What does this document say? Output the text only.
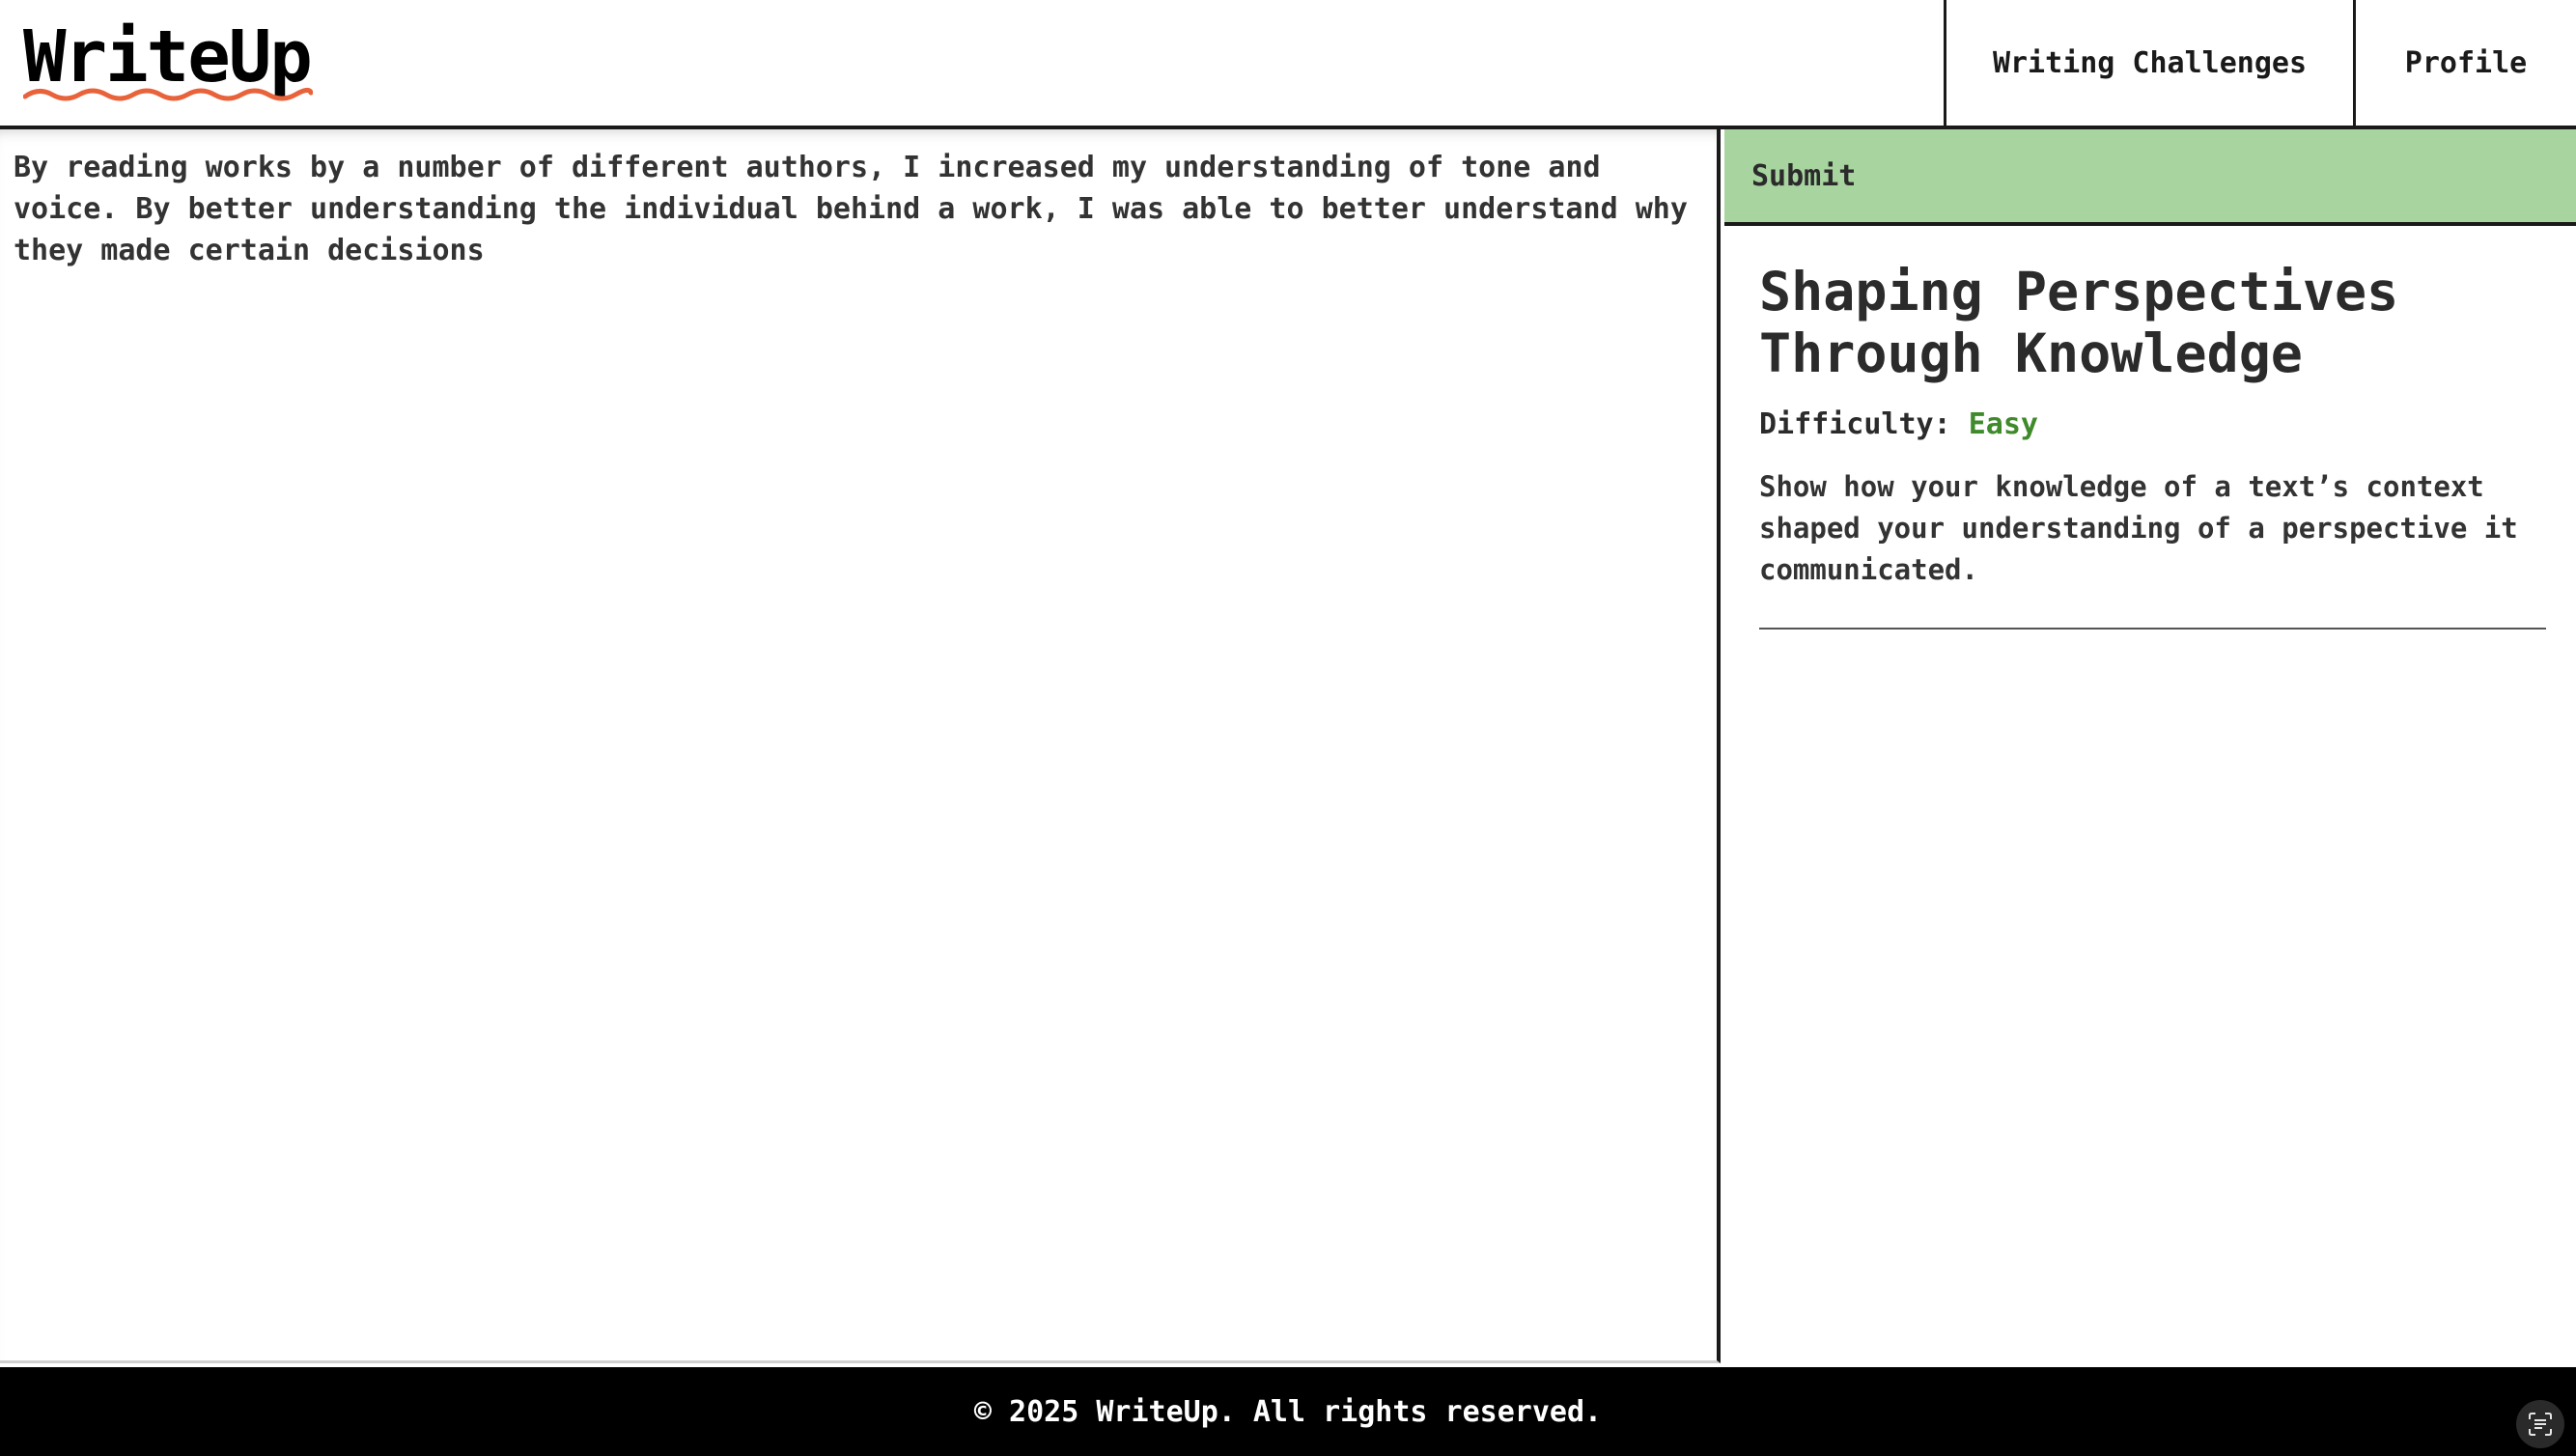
WriteUp	Writing Challenges	Profile
By reading works by a number of different authors, I increased my understanding of tone and voice. By better understanding the individual behind a work, I was able to better understand why they made certain decisions
Submit
Shaping Perspectives Through Knowledge
Difficulty: Easy

Show how your knowledge of a text’s context shaped your understanding of a perspective it communicated.

© 2025 WriteUp. All rights reserved.
